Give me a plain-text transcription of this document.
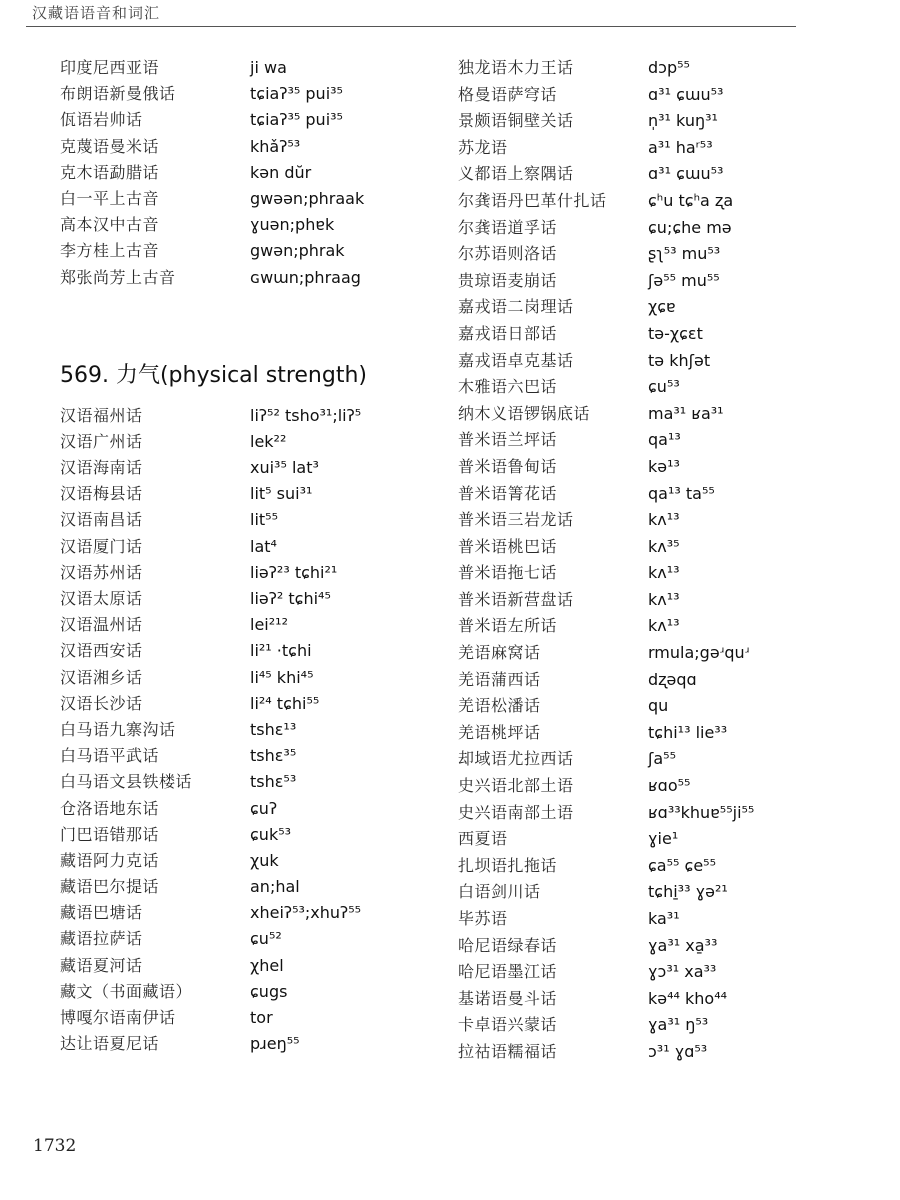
汉藏语语音和词汇
印度尼西亚语	ji wa
布朗语新曼俄话	tɕiaʔ³⁵ pui³⁵
佤语岩帅话	tɕiaʔ³⁵ pui³⁵
克蔑语曼米话	khǎʔ⁵³
克木语勐腊话	kən dŭr
白一平上古音	gwəən;phraak
高本汉中古音	ɣuən;phɐk
李方桂上古音	gwən;phrak
郑张尚芳上古音	ɢwɯn;phraag
569. 力气(physical strength)
汉语福州话	liʔ⁵² tsho³¹;liʔ⁵
汉语广州话	lek²²
汉语海南话	xui³⁵ lat³
汉语梅县话	lit⁵ sui³¹
汉语南昌话	lit⁵⁵
汉语厦门话	lat⁴
汉语苏州话	liəʔ²³ tɕhi²¹
汉语太原话	liəʔ² tɕhi⁴⁵
汉语温州话	lei²¹²
汉语西安话	li²¹ ·tɕhi
汉语湘乡话	li⁴⁵ khi⁴⁵
汉语长沙话	li²⁴ tɕhi⁵⁵
白马语九寨沟话	tshɛ¹³
白马语平武话	tshɛ³⁵
白马语文县铁楼话	tshɛ⁵³
仓洛语地东话	ɕuʔ
门巴语错那话	ɕuk⁵³
藏语阿力克话	χuk
藏语巴尔提话	an;hal
藏语巴塘话	xheiʔ⁵³;xhuʔ⁵⁵
藏语拉萨话	ɕu⁵²
藏语夏河话	χhel
藏文（书面藏语）	ɕugs
博嘎尔语南伊话	tor
达让语夏尼话	pɹeŋ⁵⁵
独龙语木力王话	dɔp⁵⁵
格曼语萨穹话	ɑ³¹ ɕɯu⁵³
景颇语铜壁关话	n̩³¹ kuŋ³¹
苏龙语	a³¹ haʳ⁵³
义都语上察隅话	ɑ³¹ ɕɯu⁵³
尔龚语丹巴革什扎话	ɕʰu tɕʰa ʐa
尔龚语道孚话	ɕu;ɕhe mə
尔苏语则洛话	ʂʅ⁵³ mu⁵³
贵琼语麦崩话	ʃə⁵⁵ mu⁵⁵
嘉戎语二岗理话	χɕɐ
嘉戎语日部话	tə-χɕɛt
嘉戎语卓克基话	tə khʃət
木雅语六巴话	ɕu⁵³
纳木义语锣锅底话	ma³¹ ʁa³¹
普米语兰坪话	qa¹³
普米语鲁甸话	kə¹³
普米语箐花话	qa¹³ ta⁵⁵
普米语三岩龙话	kʌ¹³
普米语桃巴话	kʌ³⁵
普米语拖七话	kʌ¹³
普米语新营盘话	kʌ¹³
普米语左所话	kʌ¹³
羌语麻窝话	rmula;gəʴquʴ
羌语蒲西话	dʐəqɑ
羌语松潘话	qu
羌语桃坪话	tɕhi¹³ lie³³
却域语尤拉西话	ʃa⁵⁵
史兴语北部土语	ʁɑo⁵⁵
史兴语南部土语	ʁɑ³³khuɐ⁵⁵ji⁵⁵
西夏语	ɣie¹
扎坝语扎拖话	ɕa⁵⁵ ɕe⁵⁵
白语剑川话	tɕhi̱³³ ɣə²¹
毕苏语	ka³¹
哈尼语绿春话	ɣa³¹ xa̱³³
哈尼语墨江话	ɣɔ³¹ xa³³
基诺语曼斗话	kə⁴⁴ kho⁴⁴
卡卓语兴蒙话	ɣa³¹ ŋ⁵³
拉祜语糯福话	ɔ³¹ ɣɑ⁵³
1732
